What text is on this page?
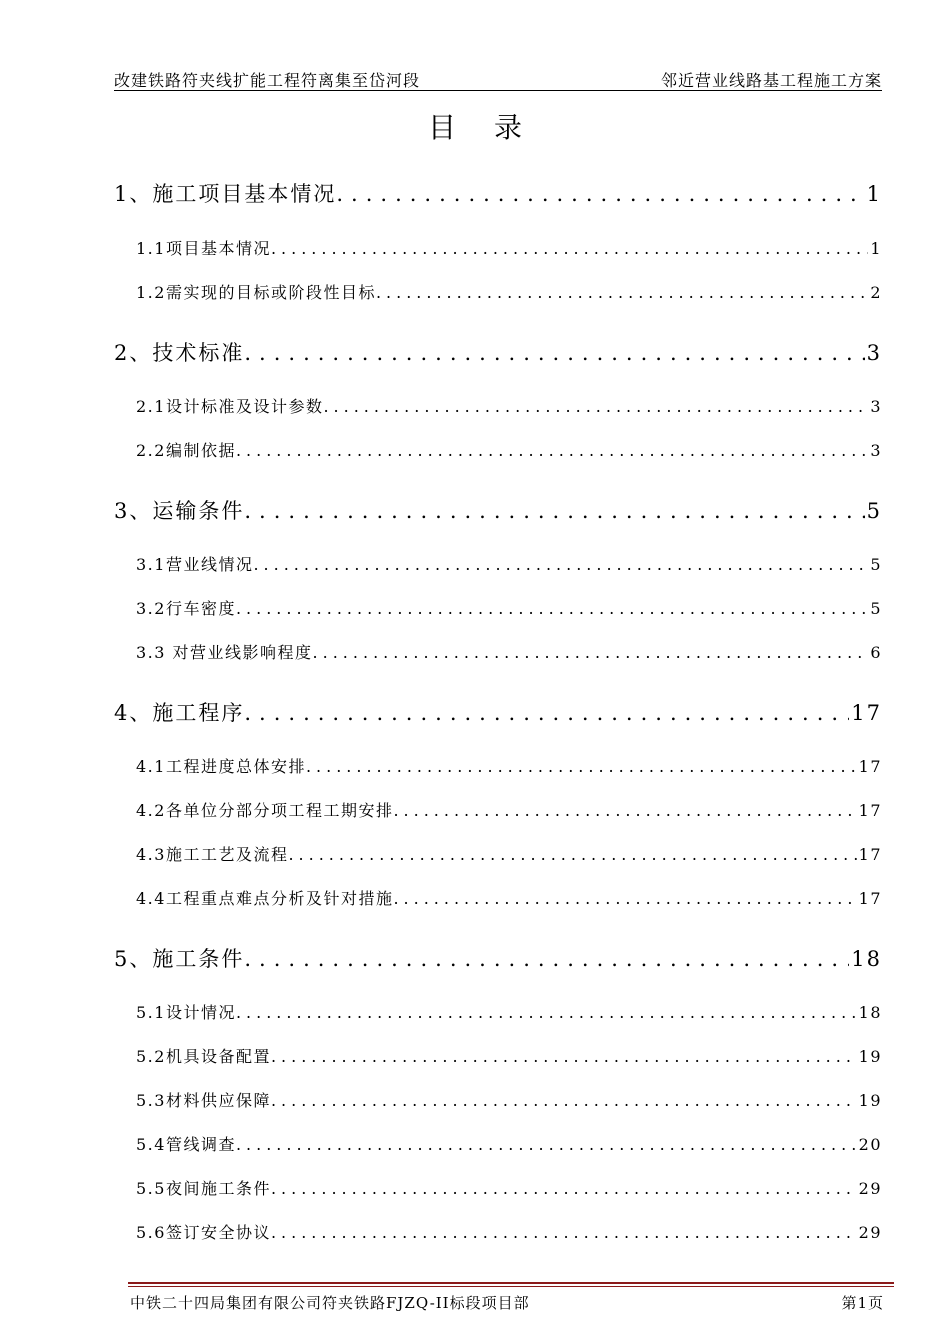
改建铁路符夹线扩能工程符离集至岱河段	邻近营业线路基工程施工方案
目录
1、施工项目基本情况 .....	1
1.1项目基本情况 .....	1
1.2需实现的目标或阶段性目标 .....	2
2、技术标准 .....	3
2.1设计标准及设计参数 .....	3
2.2编制依据 .....	3
3、运输条件 .....	5
3.1营业线情况 .....	5
3.2行车密度 .....	5
3.3 对营业线影响程度 .....	6
4、施工程序 .....	17
4.1工程进度总体安排 .....	17
4.2各单位分部分项工程工期安排 .....	17
4.3施工工艺及流程 .....	17
4.4工程重点难点分析及针对措施 .....	17
5、施工条件 .....	18
5.1设计情况 .....	18
5.2机具设备配置 .....	19
5.3材料供应保障 .....	19
5.4管线调查 .....	20
5.5夜间施工条件 .....	29
5.6签订安全协议 .....	29
中铁二十四局集团有限公司符夹铁路FJZQ-II标段项目部	第1页
